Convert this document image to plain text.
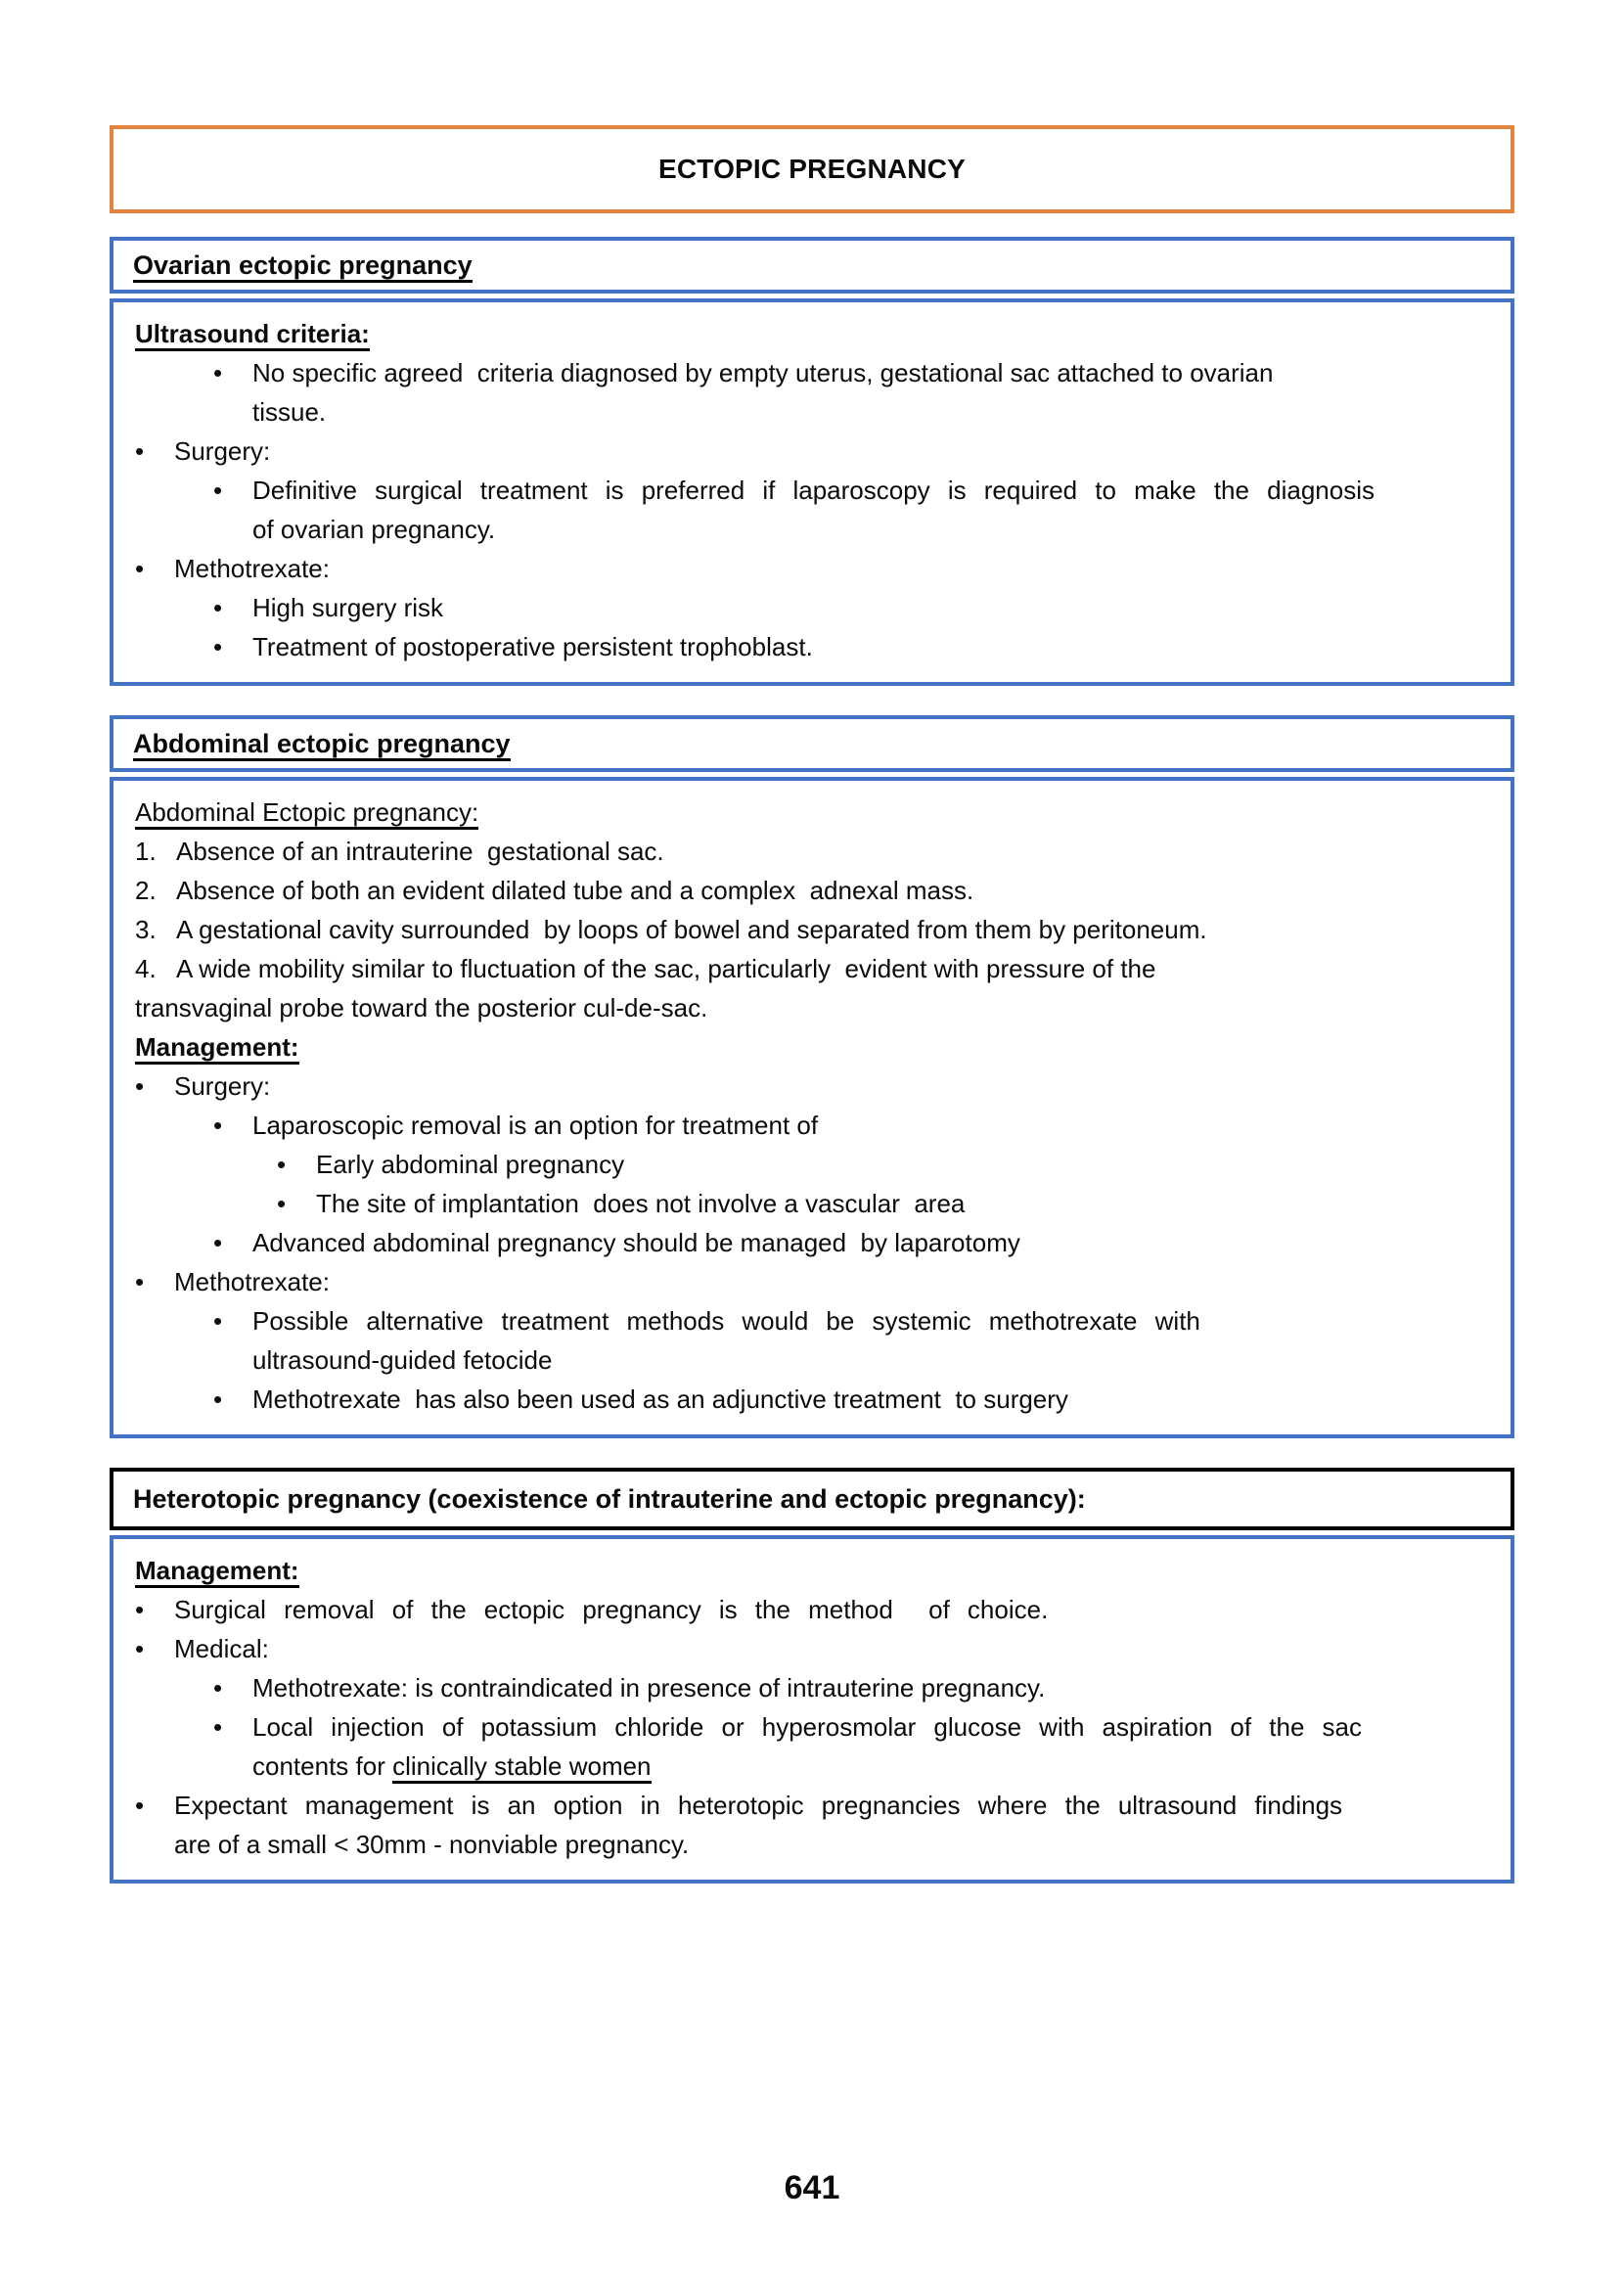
ECTOPIC PREGNANCY
Ovarian ectopic pregnancy
Ultrasound criteria:
•	No specific agreed  criteria diagnosed by empty uterus, gestational sac attached to ovarian
tissue.
•	Surgery:
•	Definitive surgical treatment is preferred if laparoscopy is required to make the diagnosis
of ovarian pregnancy.
•	Methotrexate:
•	High surgery risk
•	Treatment of postoperative persistent trophoblast.
Abdominal ectopic pregnancy
Abdominal Ectopic pregnancy:
1. Absence of an intrauterine  gestational sac.
2. Absence of both an evident dilated tube and a complex  adnexal mass.
3. A gestational cavity surrounded  by loops of bowel and separated from them by peritoneum.
4. A wide mobility similar to fluctuation of the sac, particularly  evident with pressure of the
transvaginal probe toward the posterior cul-de-sac.
Management:
•	Surgery:
•	Laparoscopic removal is an option for treatment of
•	Early abdominal pregnancy
•	The site of implantation  does not involve a vascular  area
•	Advanced abdominal pregnancy should be managed  by laparotomy
•	Methotrexate:
•	Possible alternative treatment methods would be systemic methotrexate with
ultrasound-guided fetocide
•	Methotrexate  has also been used as an adjunctive treatment  to surgery
Heterotopic pregnancy (coexistence of intrauterine and ectopic pregnancy):
Management:
•	Surgical removal of the ectopic pregnancy is the method  of choice.
•	Medical:
•	Methotrexate: is contraindicated in presence of intrauterine pregnancy.
•	Local injection of potassium chloride or hyperosmolar glucose with aspiration of the sac
contents for clinically stable women
•	Expectant management is an option in heterotopic pregnancies where the ultrasound findings
are of a small < 30mm - nonviable pregnancy.
641
